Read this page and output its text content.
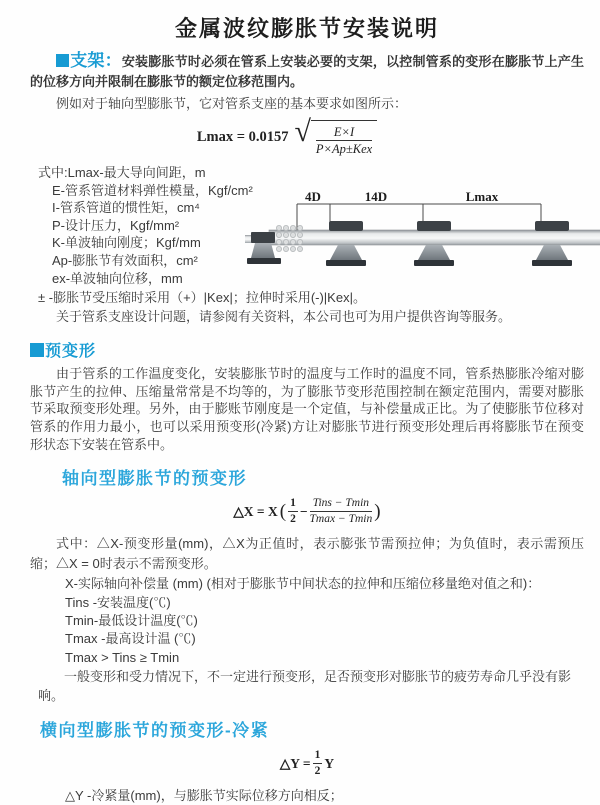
金属波纹膨胀节安装说明

支架：安装膨胀节时必须在管系上安装必要的支架，以控制管系的变形在膨胀节上产生的位移方向并限制在膨胀节的额定位移范围内。

例如对于轴向型膨胀节，它对管系支座的基本要求如图所示：
Lmax = 0.0157 √ $\frac{E\times I}{\text{P×Ap±Kex}}$
式中:Lmax-最大导向间距，m
E-管系管道材料弹性模量，Kgf/cm²
I-管系管道的惯性矩，cm⁴
P-设计压力，Kgf/mm²
K-单波轴向刚度；Kgf/mm
Ap-膨胀节有效面积，cm²
ex-单波轴向位移，mm
4D	14D	Lmax
± -膨胀节受压缩时采用（+）|Kex|；拉伸时采用(-)|Kex|。
关于管系支座设计问题，请参阅有关资料，本公司也可为用户提供咨询等服务。
预变形

由于管系的工作温度变化，安装膨胀节时的温度与工作时的温度不同，管系热膨胀冷缩对膨胀节产生的拉伸、压缩量常常是不均等的，为了膨胀节变形范围控制在额定范围内，需要对膨胀节采取预变形处理。另外，由于膨账节刚度是一个定值，与补偿量成正比。为了使膨胀节位移对管系的作用力最小，也可以采用预变形(冷紧)方让对膨胀节进行预变形处理后再将膨胀节在预变形状态下安装在管系中。

轴向型膨胀节的预变形
△X = X ( $\frac{1}{2} - \frac{\text{Tins − Tmin}}{Tmax - Tmin}$ )

式中：△X-预变形量(mm)，△X为正值时，表示膨张节需预拉伸；为负值时，表示需预压缩；△X = 0时表示不需预变形。

X-实际轴向补偿量 (mm) (相对于膨胀节中间状态的拉伸和压缩位移量绝对值之和)：
Tins -安装温度(℃)
Tmin-最低设计温度(℃)
Tmax -最高设计温 (℃)
Tmax > Tins ≥ Tmin
一般变形和受力情况下，不一定进行预变形，足否预变形对膨胀节的疲劳寿命几乎没有影响。
横向型膨胀节的预变形-冷紧
△Y = $\frac{1}{2}$ Y
△Y -冷紧量(mm)，与膨胀节实际位移方向相反；
